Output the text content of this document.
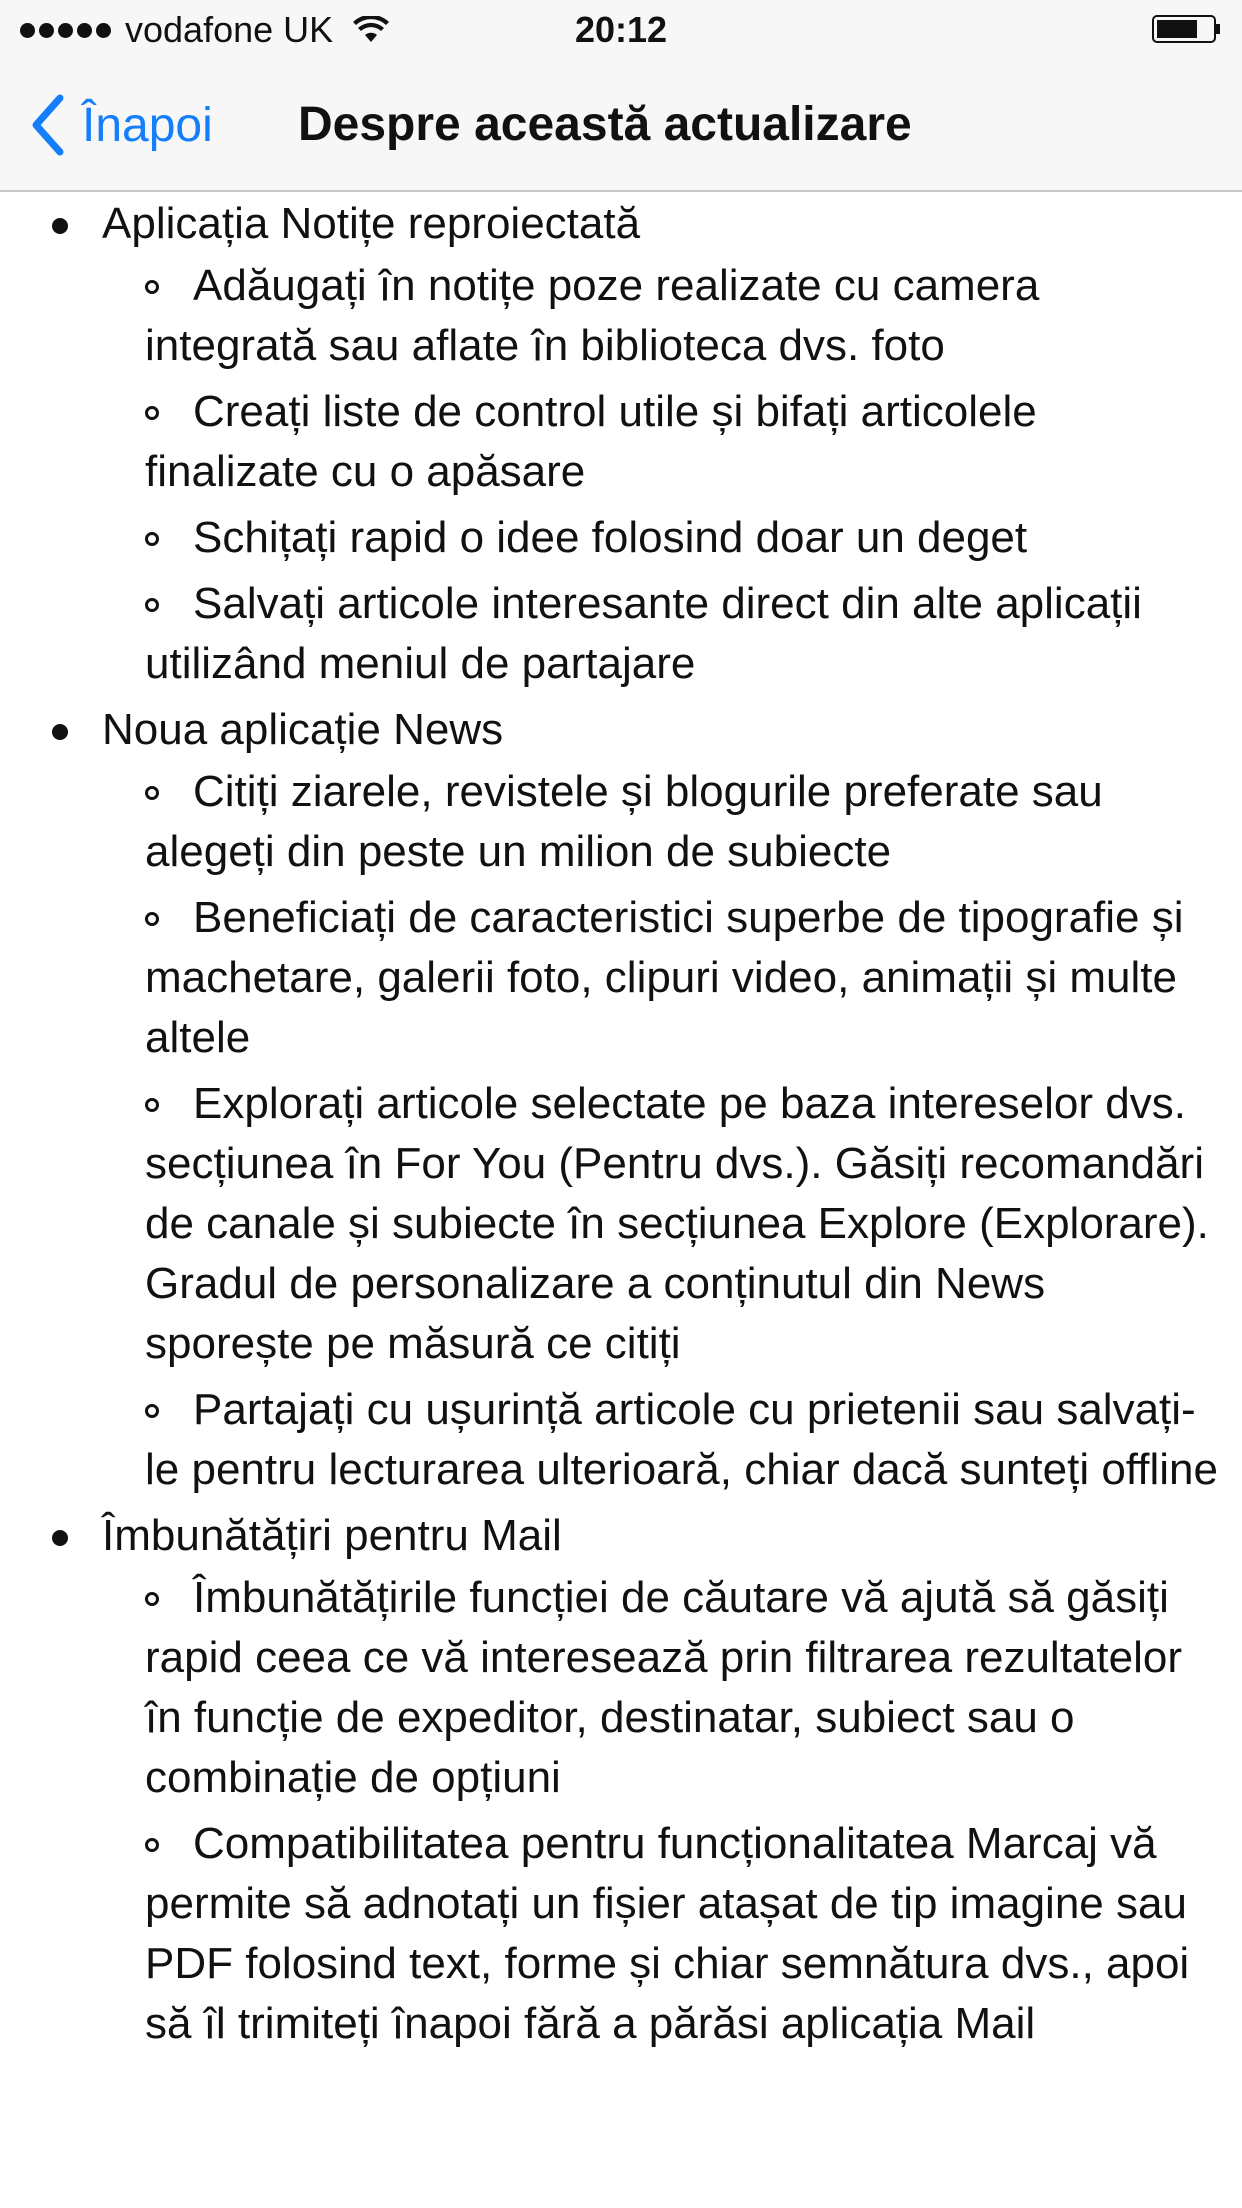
vodafone UK	20:12
Înapoi Despre această actualizare
Aplicația Notițe reproiectată
Adăugați în notițe poze realizate cu camera integrată sau aflate în biblioteca dvs. foto
Creați liste de control utile și bifați articolele finalizate cu o apăsare
Schițați rapid o idee folosind doar un deget
Salvați articole interesante direct din alte aplicații utilizând meniul de partajare
Noua aplicație News
Citiți ziarele, revistele și blogurile preferate sau alegeți din peste un milion de subiecte
Beneficiați de caracteristici superbe de tipografie și machetare, galerii foto, clipuri video, animații și multe altele
Explorați articole selectate pe baza intereselor dvs. secțiunea în For You (Pentru dvs.). Găsiți recomandări de canale și subiecte în secțiunea Explore (Explorare). Gradul de personalizare a conținutul din News sporește pe măsură ce citiți
Partajați cu ușurință articole cu prietenii sau salvați-le pentru lecturarea ulterioară, chiar dacă sunteți offline
Îmbunătățiri pentru Mail
Îmbunătățirile funcției de căutare vă ajută să găsiți rapid ceea ce vă interesează prin filtrarea rezultatelor în funcție de expeditor, destinatar, subiect sau o combinație de opțiuni
Compatibilitatea pentru funcționalitatea Marcaj vă permite să adnotați un fișier atașat de tip imagine sau PDF folosind text, forme și chiar semnătura dvs., apoi să îl trimiteți înapoi fără a părăsi aplicația Mail
